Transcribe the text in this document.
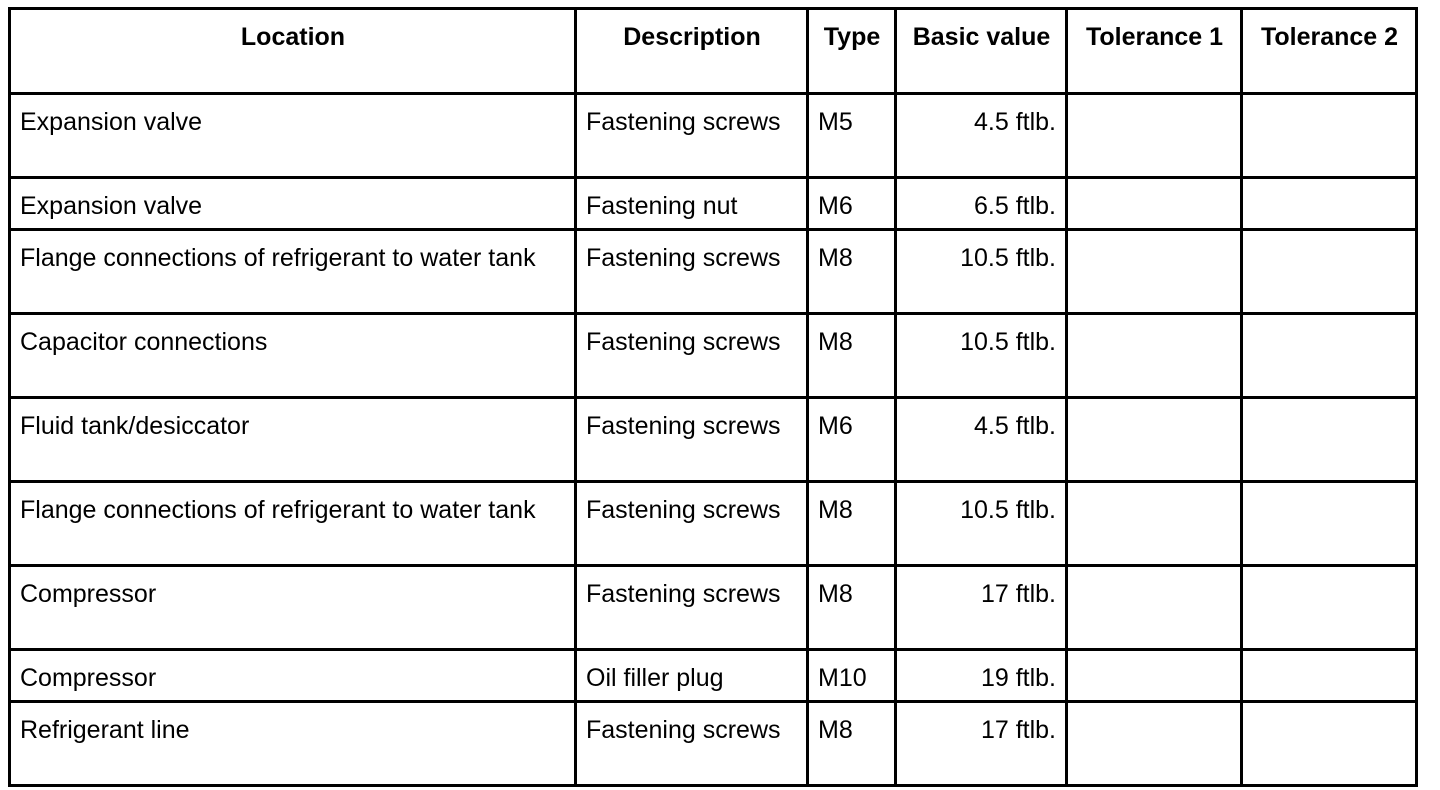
Location	Description	Type	Basic value	Tolerance 1	Tolerance 2
Expansion valve	Fastening screws	M5	4.5 ftlb.		
Expansion valve	Fastening nut	M6	6.5 ftlb.		
Flange connections of refrigerant to water tank	Fastening screws	M8	10.5 ftlb.		
Capacitor connections	Fastening screws	M8	10.5 ftlb.		
Fluid tank/desiccator	Fastening screws	M6	4.5 ftlb.		
Flange connections of refrigerant to water tank	Fastening screws	M8	10.5 ftlb.		
Compressor	Fastening screws	M8	17 ftlb.		
Compressor	Oil filler plug	M10	19 ftlb.		
Refrigerant line	Fastening screws	M8	17 ftlb.		
